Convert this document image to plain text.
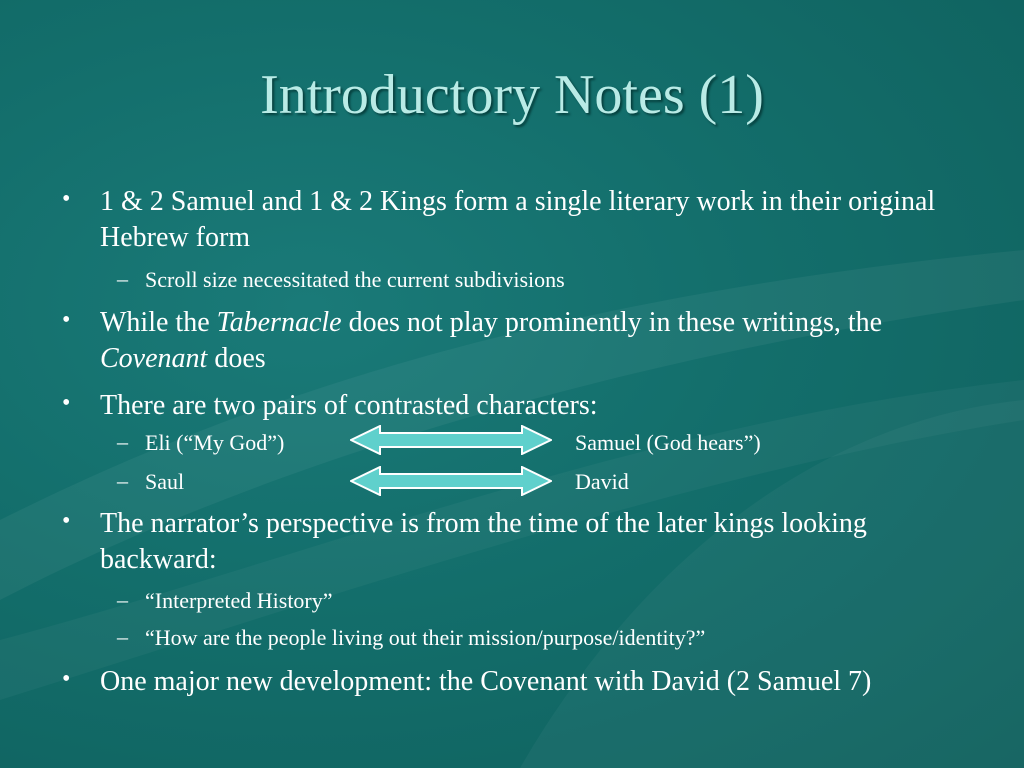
Introductory Notes (1)
• 1 & 2 Samuel and 1 & 2 Kings form a single literary work in their original Hebrew form
– Scroll size necessitated the current subdivisions
• While the Tabernacle does not play prominently in these writings, the Covenant does
• There are two pairs of contrasted characters:
– Eli (“My God”)	Samuel (God hears”)
– Saul	David
• The narrator’s perspective is from the time of the later kings looking backward:
– “Interpreted History”
– “How are the people living out their mission/purpose/identity?”
• One major new development: the Covenant with David (2 Samuel 7)
